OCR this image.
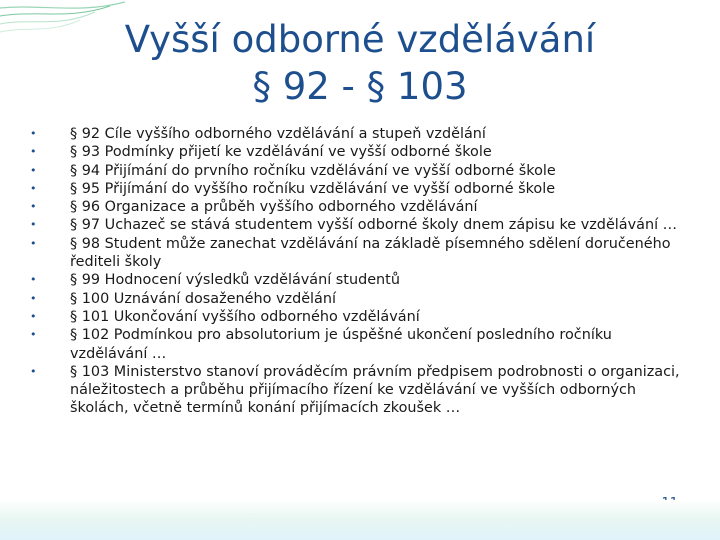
Vyšší odborné vzdělávání
§ 92 - § 103
• § 92 Cíle vyššího odborného vzdělávání a stupeň vzdělání
• § 93 Podmínky přijetí ke vzdělávání ve vyšší odborné škole
• § 94 Přijímání do prvního ročníku vzdělávání ve vyšší odborné škole
• § 95 Přijímání do vyššího ročníku vzdělávání ve vyšší odborné škole
• § 96 Organizace a průběh vyššího odborného vzdělávání
• § 97 Uchazeč se stává studentem vyšší odborné školy dnem zápisu ke vzdělávání …
• § 98 Student může zanechat vzdělávání na základě písemného sdělení doručeného řediteli školy
• § 99 Hodnocení výsledků vzdělávání studentů
• § 100 Uznávání dosaženého vzdělání
• § 101 Ukončování vyššího odborného vzdělávání
• § 102 Podmínkou pro absolutorium je úspěšné ukončení posledního ročníku vzdělávání …
• § 103 Ministerstvo stanoví prováděcím právním předpisem podrobnosti o organizaci, náležitostech a průběhu přijímacího řízení ke vzdělávání ve vyšších odborných školách, včetně termínů konání přijímacích zkoušek …
